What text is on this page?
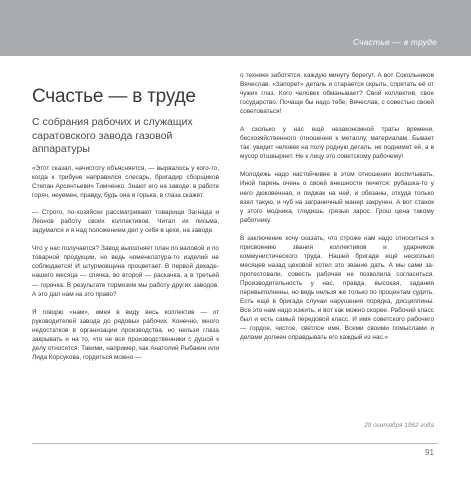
Счастье — в труде
Счастье — в труде
С собрания рабочих и служащих саратовского завода газовой аппаратуры

«Этот сказал, начистоту объясняется, — вырвалось у кого-то, когда к трибуне направился слесарь, бригадир сборщиков Степан Арсентьевич Тимченко. Знают его на заводе: в работе горяч, неуемен, правду, будь она и горька, в глаза скажет.

— Строго, по-хозяйски рассматривают товарищи Загнада и Леонов работу своих коллективов. Читал их письма, задумался и я над положением дел у себя в цехе, на заводе.

Что у нас получается? Завод выполняет план по валовой и по товарной продукции, но ведь номенклатура-то изделий не соблюдается! И штурмовщина процветает. В первой декаде нашего месяца — спячка, во второй — раскачка, а в третьей — горячка. В результате тормозим мы работу других заводов. А это дал нам на это право?

Я говорю «нам», имея в виду весь коллектив — от руководителей завода до рядовых рабочих. Конечно, много недостатков в организации производства, но нельзя глаза закрывать и на то, что не все производственники с душой к делу относятся. Такими, например, как Анатолий Рыбакин или Лида Корсукова, гордиться можно —

о технике заботятся, каждую минуту берегут. А вот Сокольников Вячеслав. «Запорет» деталь и старается скрыть, спрятать её от чужих глаз. Кого человек обманывает? Свой коллектив, свое государство. Почаще бы надо тебе, Вячеслав, с совестью своей советоваться!

А сколько у нас ещё незакономной траты времени, бесхозяйственного отношения к металлу, материалам. Бывает так: увидит человек на полу родную деталь, не поднимет её, а в мусор отшвырнет. Не к лицу это советскому рабочему!

Молодежь надо настойчивее в этом отношении воспитывать. Иной парень очень о своей внешности печется: рубашка-то у него дюковенная, и пиджак на ней, и обязаны, откуда только взял такую, и чуб на заграничный манер закручен. А вот станок у этого модника, глядишь, грязью зарос. Грош цена такому работнику.

В заключение хочу сказать, что строже нам надо относиться к присвоению звания коллективов и ударников коммунистического труда. Нашей бригаде ещё несколько месяцев назад цеховой хотел это звание дать. А мы сами запротестовали, совесть рабочая не позволила согласиться. Производительность у нас, правда, высокая, задания перевыполнены, но ведь нельзя же только по процентам судить. Есть ещё в бригаде случаи нарушения порядка, дисциплины. Все это нам надо изжить, и вот как можно скорее. Рабочий класс был и есть самый передовой класс. И имя советского рабочего — гордое, чистое, светлое имя. Всеми своими помыслами и делами должен оправдывать его каждый из нас.»

29 сентября 1962 года
91
